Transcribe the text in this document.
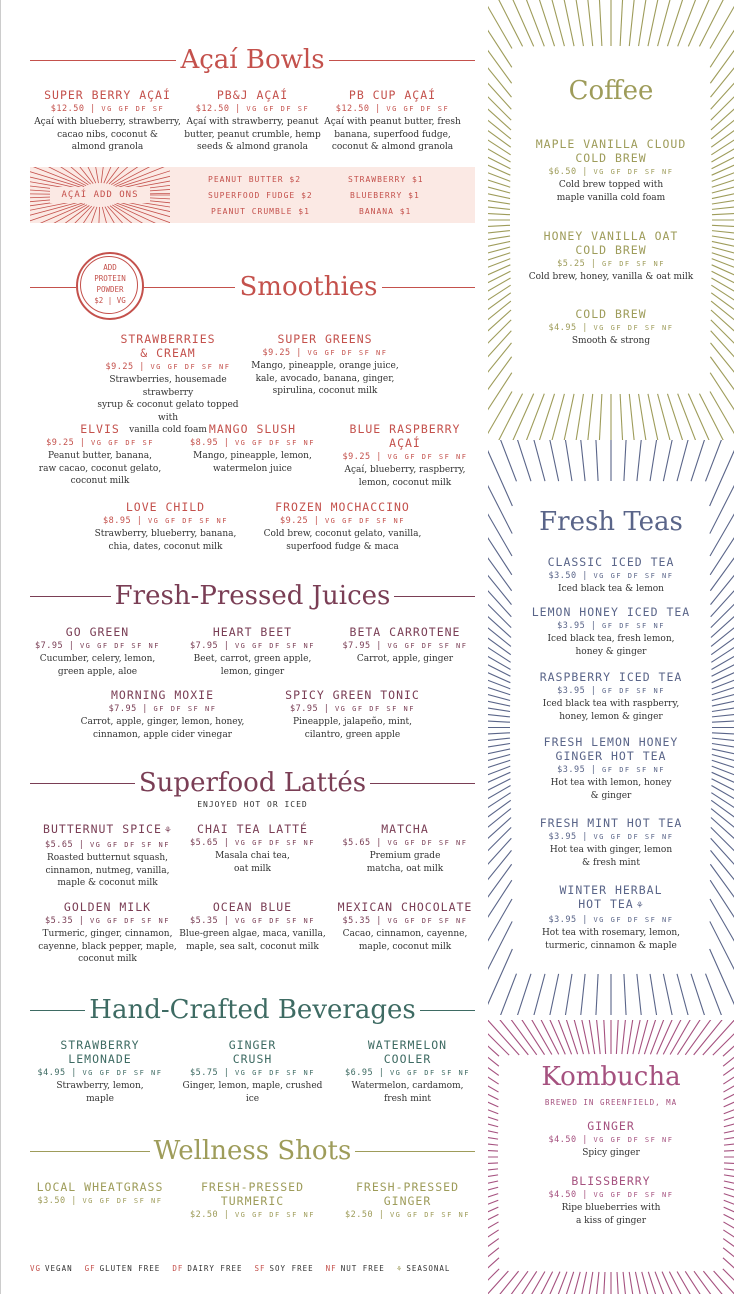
Açaí Bowls
SUPER BERRY AÇAÍ
$12.50 | VG GF DF SF
Açaí with blueberry, strawberry,
cacao nibs, coconut &
almond granola
PB&J AÇAÍ
$12.50 | VG GF DF SF
Açaí with strawberry, peanut
butter, peanut crumble, hemp
seeds & almond granola
PB CUP AÇAÍ
$12.50 | VG GF DF SF
Açaí with peanut butter, fresh
banana, superfood fudge,
coconut & almond granola
AÇAÍ ADD ONS
PEANUT BUTTER $2	STRAWBERRY $1
SUPERFOOD FUDGE $2	BLUEBERRY $1
PEANUT CRUMBLE $1	BANANA $1
ADD
PROTEIN
POWDER
$2 | VG	Smoothies
STRAWBERRIES
& CREAM
$9.25 | VG GF DF SF NF
Strawberries, housemade strawberry
syrup & coconut gelato topped with
vanilla cold foam
SUPER GREENS
$9.25 | VG GF DF SF NF
Mango, pineapple, orange juice,
kale, avocado, banana, ginger,
spirulina, coconut milk
ELVIS
$9.25 | VG GF DF SF
Peanut butter, banana,
raw cacao, coconut gelato,
coconut milk
MANGO SLUSH
$8.95 | VG GF DF SF NF
Mango, pineapple, lemon,
watermelon juice
BLUE RASPBERRY
AÇAÍ
$9.25 | VG GF DF SF NF
Açaí, blueberry, raspberry,
lemon, coconut milk
LOVE CHILD
$8.95 | VG GF DF SF NF
Strawberry, blueberry, banana,
chia, dates, coconut milk
FROZEN MOCHACCINO
$9.25 | VG GF DF SF NF
Cold brew, coconut gelato, vanilla,
superfood fudge & maca
Fresh-Pressed Juices
GO GREEN
$7.95 | VG GF DF SF NF
Cucumber, celery, lemon,
green apple, aloe
HEART BEET
$7.95 | VG GF DF SF NF
Beet, carrot, green apple,
lemon, ginger
BETA CARROTENE
$7.95 | VG GF DF SF NF
Carrot, apple, ginger
MORNING MOXIE
$7.95 | GF DF SF NF
Carrot, apple, ginger, lemon, honey,
cinnamon, apple cider vinegar
SPICY GREEN TONIC
$7.95 | VG GF DF SF NF
Pineapple, jalapeño, mint,
cilantro, green apple
Superfood Lattés
ENJOYED HOT OR ICED
BUTTERNUT SPICE ⚘
$5.65 | VG GF DF SF NF
Roasted butternut squash,
cinnamon, nutmeg, vanilla,
maple & coconut milk
CHAI TEA LATTÉ
$5.65 | VG GF DF SF NF
Masala chai tea,
oat milk
MATCHA
$5.65 | VG GF DF SF NF
Premium grade
matcha, oat milk
GOLDEN MILK
$5.35 | VG GF DF SF NF
Turmeric, ginger, cinnamon,
cayenne, black pepper, maple,
coconut milk
OCEAN BLUE
$5.35 | VG GF DF SF NF
Blue-green algae, maca, vanilla,
maple, sea salt, coconut milk
MEXICAN CHOCOLATE
$5.35 | VG GF DF SF NF
Cacao, cinnamon, cayenne,
maple, coconut milk
Hand-Crafted Beverages
STRAWBERRY
LEMONADE
$4.95 | VG GF DF SF NF
Strawberry, lemon,
maple
GINGER
CRUSH
$5.75 | VG GF DF SF NF
Ginger, lemon, maple, crushed
ice
WATERMELON
COOLER
$6.95 | VG GF DF SF NF
Watermelon, cardamom,
fresh mint
Wellness Shots
LOCAL WHEATGRASS
$3.50 | VG GF DF SF NF
FRESH-PRESSED
TURMERIC
$2.50 | VG GF DF SF NF
FRESH-PRESSED
GINGER
$2.50 | VG GF DF SF NF
VG VEGAN GF GLUTEN FREE DF DAIRY FREE SF SOY FREE NF NUT FREE ⚘ SEASONAL
Coffee
MAPLE VANILLA CLOUD
COLD BREW
$6.50 | VG GF DF SF NF
Cold brew topped with
maple vanilla cold foam
HONEY VANILLA OAT
COLD BREW
$5.25 | GF DF SF NF
Cold brew, honey, vanilla & oat milk
COLD BREW
$4.95 | VG GF DF SF NF
Smooth & strong
Fresh Teas
CLASSIC ICED TEA
$3.50 | VG GF DF SF NF
Iced black tea & lemon
LEMON HONEY ICED TEA
$3.95 | GF DF SF NF
Iced black tea, fresh lemon,
honey & ginger
RASPBERRY ICED TEA
$3.95 | GF DF SF NF
Iced black tea with raspberry,
honey, lemon & ginger
FRESH LEMON HONEY
GINGER HOT TEA
$3.95 | GF DF SF NF
Hot tea with lemon, honey
& ginger
FRESH MINT HOT TEA
$3.95 | VG GF DF SF NF
Hot tea with ginger, lemon
& fresh mint
WINTER HERBAL
HOT TEA ⚘
$3.95 | VG GF DF SF NF
Hot tea with rosemary, lemon,
turmeric, cinnamon & maple
Kombucha
BREWED IN GREENFIELD, MA
GINGER
$4.50 | VG GF DF SF NF
Spicy ginger
BLISSBERRY
$4.50 | VG GF DF SF NF
Ripe blueberries with
a kiss of ginger
